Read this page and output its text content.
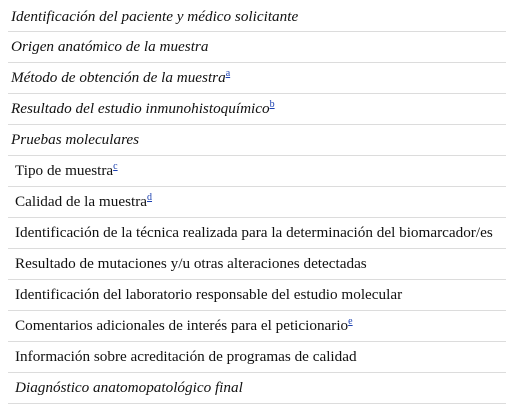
Identificación del paciente y médico solicitante
Origen anatómico de la muestra
Método de obtención de la muestra$^a$
Resultado del estudio inmunohistoquímico$^b$
Pruebas moleculares
Tipo de muestra$^c$
Calidad de la muestra$^d$
Identificación de la técnica realizada para la determinación del biomarcador/es
Resultado de mutaciones y/u otras alteraciones detectadas
Identificación del laboratorio responsable del estudio molecular
Comentarios adicionales de interés para el peticionario$^e$
Información sobre acreditación de programas de calidad
Diagnóstico anatomopatológico final
